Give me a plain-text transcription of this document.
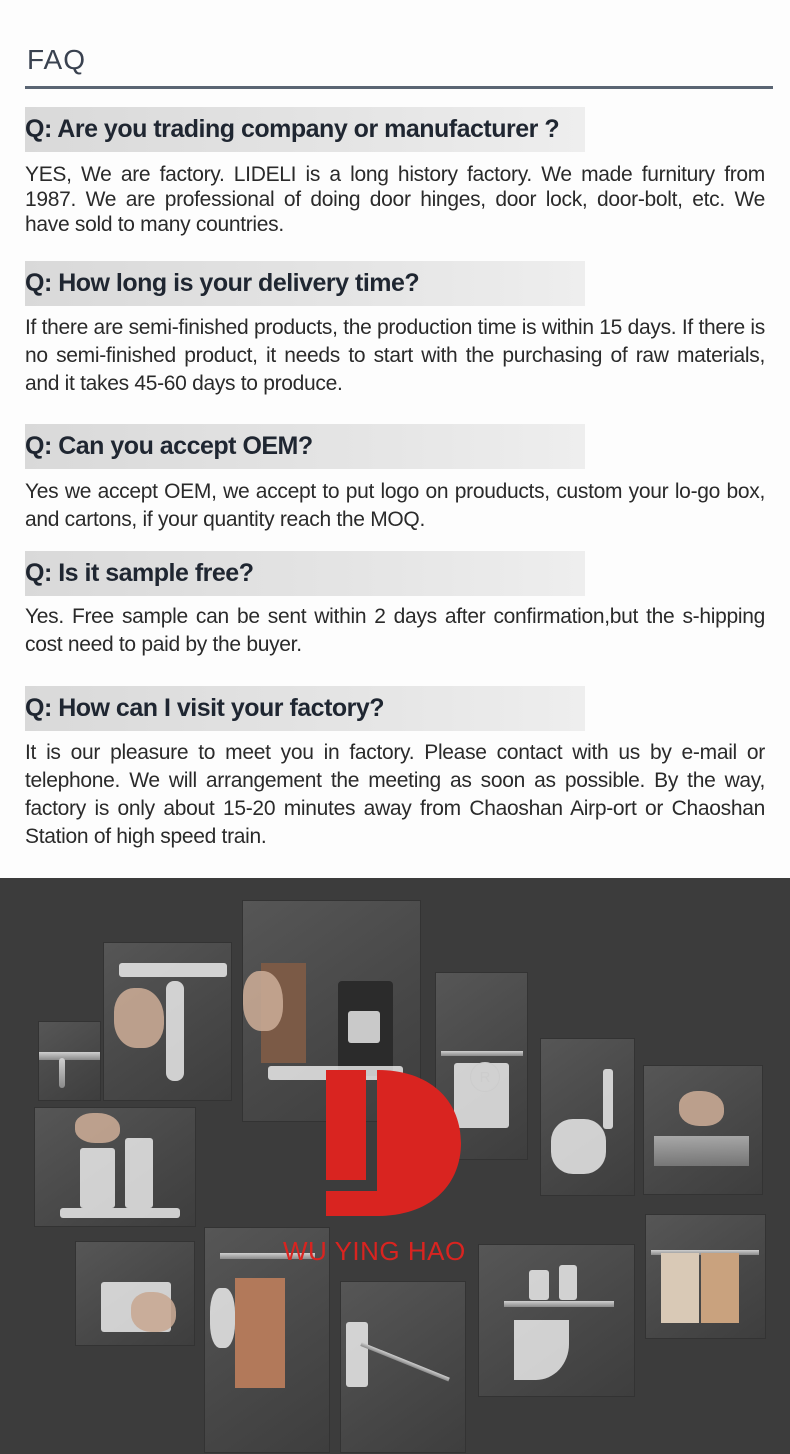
FAQ
Q: Are you trading company or manufacturer ?

YES, We are factory. LIDELI is a long history factory. We made furnitury from 1987. We are professional of doing door hinges, door lock, door-bolt, etc. We have sold to many countries.

Q: How long is your delivery time?

If there are semi-finished products, the production time is within 15 days. If there is no semi-finished product, it needs to start with the purchasing of raw materials, and it takes 45-60 days to produce.

Q: Can you accept OEM?

Yes we accept OEM, we accept to put logo on prouducts, custom your lo-go box, and cartons, if your quantity reach the MOQ.

Q: Is it sample free?

Yes. Free sample can be sent within 2 days after confirmation,but the s-hipping cost need to paid by the buyer.

Q: How can I visit your factory?

It is our pleasure to meet you in factory. Please contact with us by e-mail or telephone. We will arrangement the meeting as soon as possible. By the way, factory is only about 15-20 minutes away from Chaoshan Airp-ort or Chaoshan Station of high speed train.

R
WU YING HAO
